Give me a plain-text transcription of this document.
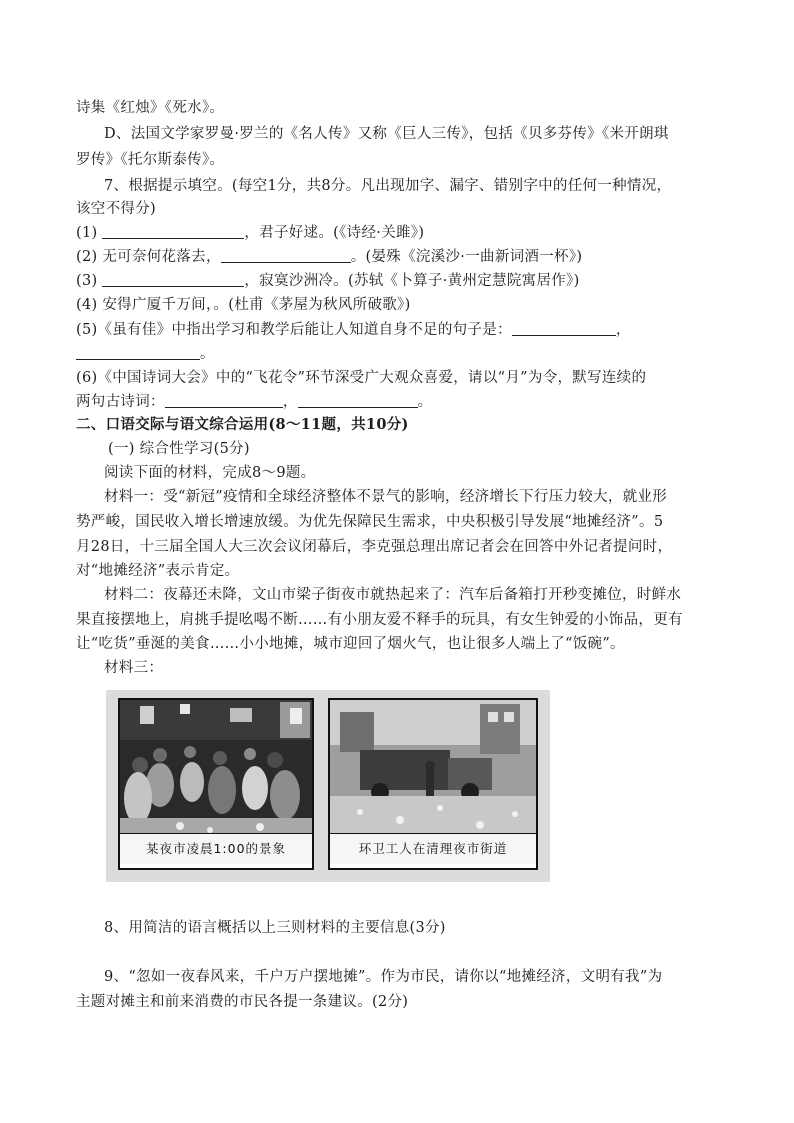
诗集《红烛》《死水》。
D、法国文学家罗曼·罗兰的《名人传》又称《巨人三传》，包括《贝多芬传》《米开朗琪
罗传》《托尔斯泰传》。
7、根据提示填空。(每空1分，共8分。凡出现加字、漏字、错别字中的任何一种情况，
该空不得分)
(1)	，君子好逑。(《诗经·关雎》)
(2) 无可奈何花落去，	。(晏殊《浣溪沙·一曲新词酒一杯》)
(3)	，寂寞沙洲冷。(苏轼《卜算子·黄州定慧院寓居作》)
(4) 安得广厦千万间，。(杜甫《茅屋为秋风所破歌》)
(5)《虽有佳》中指出学习和教学后能让人知道自身不足的句子是：	，
。
(6)《中国诗词大会》中的“飞花令”环节深受广大观众喜爱，请以“月”为令，默写连续的
两句古诗词：	，	。
二、口语交际与语文综合运用(8～11题，共10分)
(一) 综合性学习(5分)
阅读下面的材料，完成8～9题。
材料一：受“新冠”疫情和全球经济整体不景气的影响，经济增长下行压力较大，就业形
势严峻，国民收入增长增速放缓。为优先保障民生需求，中央积极引导发展“地摊经济”。5
月28日，十三届全国人大三次会议闭幕后，李克强总理出席记者会在回答中外记者提问时，
对“地摊经济”表示肯定。
材料二：夜幕还未降，文山市梁子街夜市就热起来了：汽车后备箱打开秒变摊位，时鲜水
果直接摆地上，肩挑手提吆喝不断……有小朋友爱不释手的玩具，有女生钟爱的小饰品，更有
让“吃货”垂涎的美食……小小地摊，城市迎回了烟火气，也让很多人端上了“饭碗”。
材料三：
某夜市凌晨1:00的景象	环卫工人在清理夜市街道
8、用简洁的语言概括以上三则材料的主要信息(3分)
9、“忽如一夜春风来，千户万户摆地摊”。作为市民，请你以“地摊经济，文明有我”为
主题对摊主和前来消费的市民各提一条建议。(2分)
